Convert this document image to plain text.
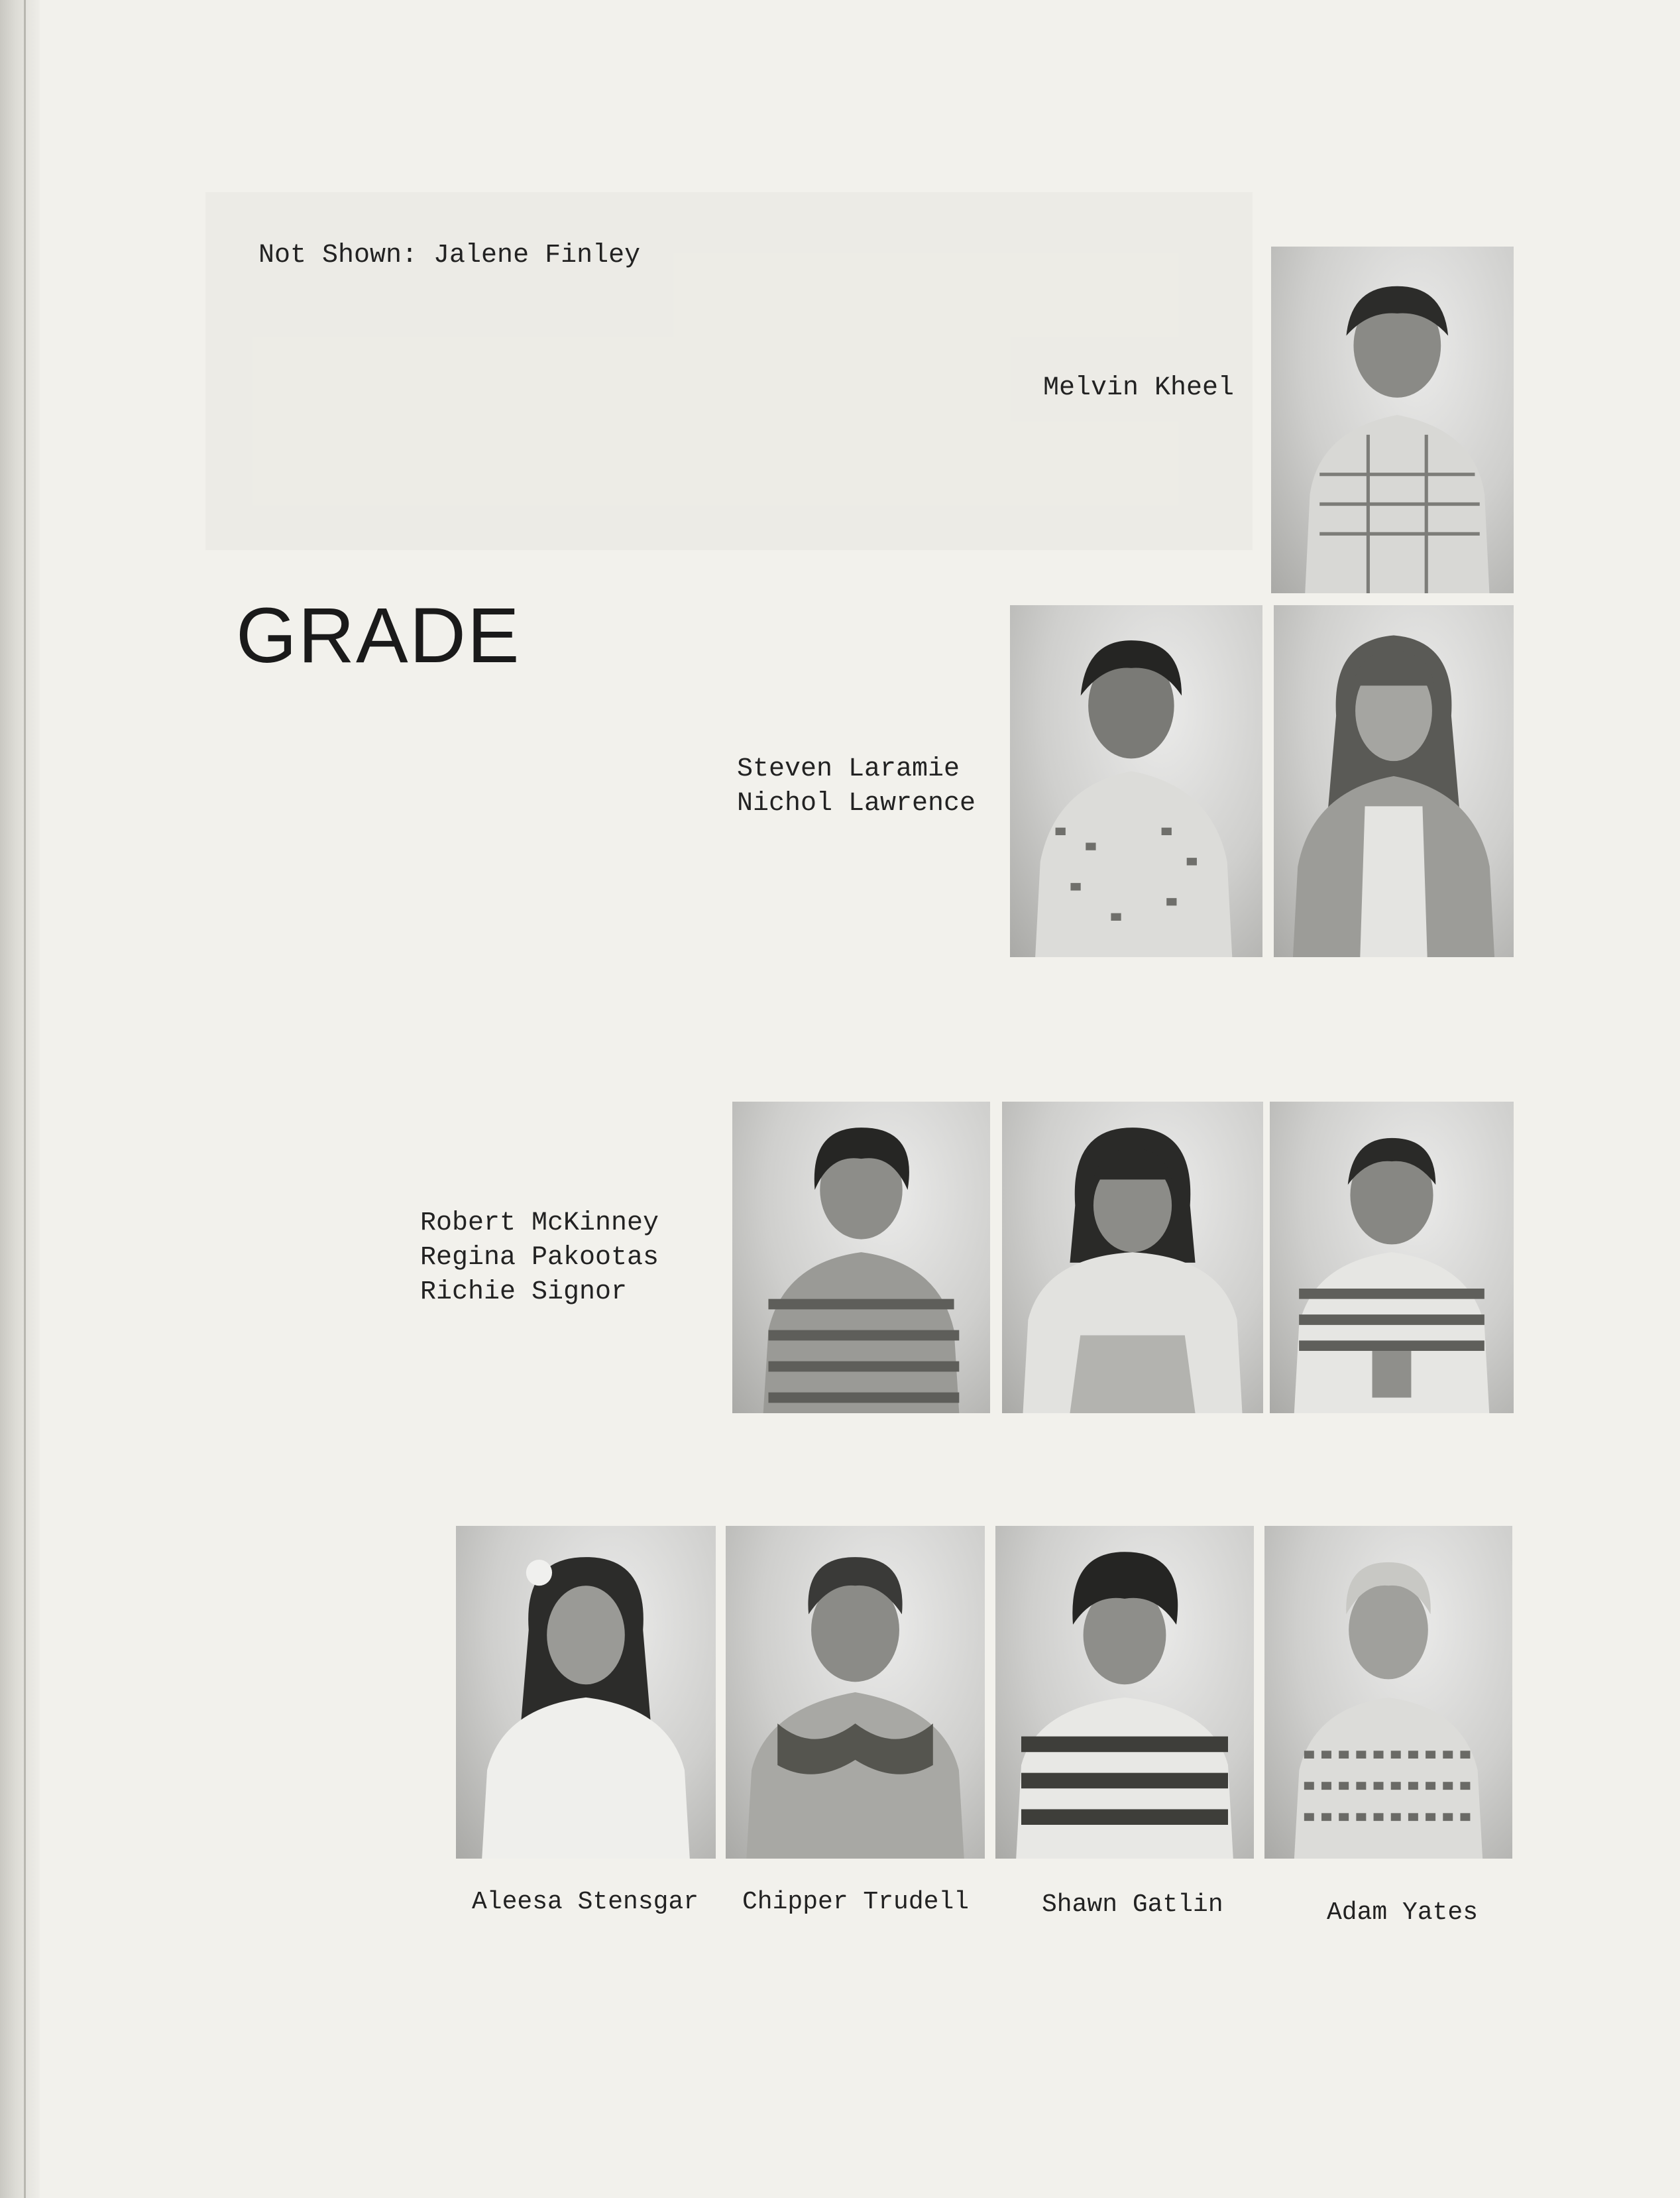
Not Shown: Jalene Finley
GRADE
Melvin Kheel
Steven Laramie
Nichol Lawrence
Robert McKinney
Regina Pakootas
Richie Signor
Aleesa Stensgar Chipper Trudell	Shawn Gatlin	Adam Yates
